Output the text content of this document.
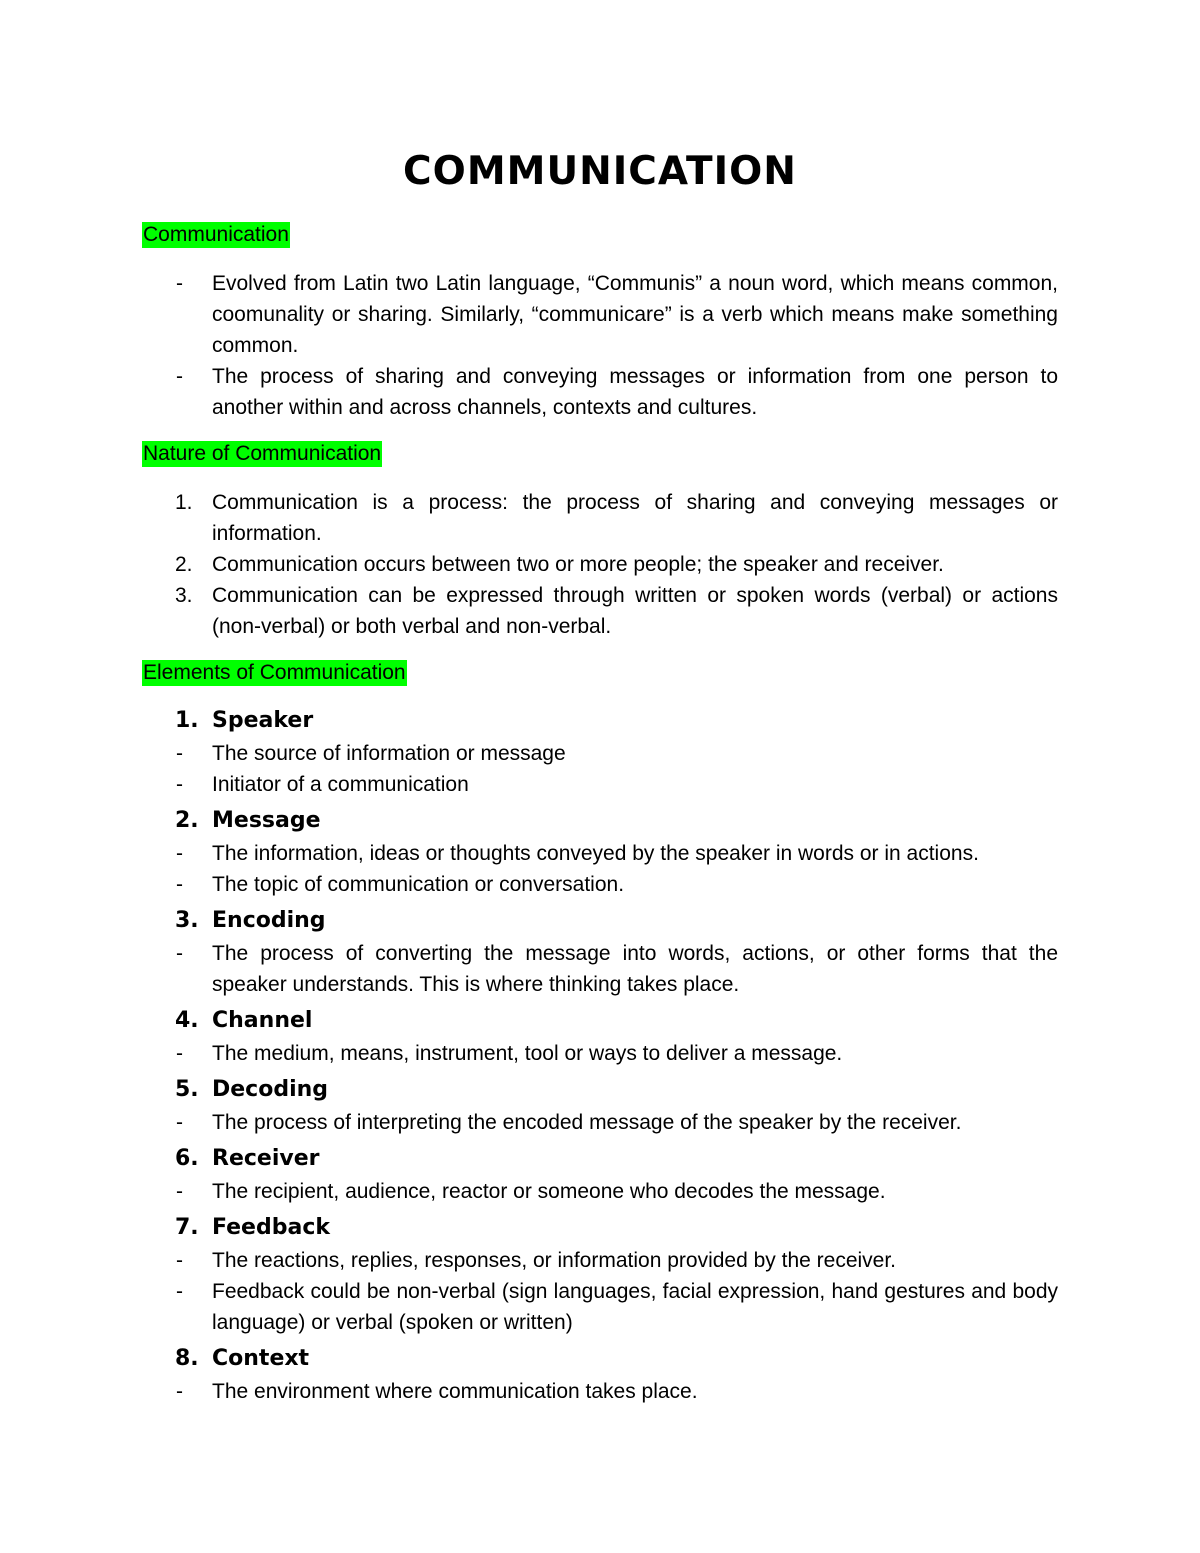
COMMUNICATION
Communication
- Evolved from Latin two Latin language, “Communis” a noun word, which means common, coomunality or sharing. Similarly, “communicare” is a verb which means make something common.
- The process of sharing and conveying messages or information from one person to another within and across channels, contexts and cultures.
Nature of Communication
1. Communication is a process: the process of sharing and conveying messages or information.
2. Communication occurs between two or more people; the speaker and receiver.
3. Communication can be expressed through written or spoken words (verbal) or actions (non-verbal) or both verbal and non-verbal.
Elements of Communication
1. Speaker
- The source of information or message
- Initiator of a communication
2. Message
- The information, ideas or thoughts conveyed by the speaker in words or in actions.
- The topic of communication or conversation.
3. Encoding
- The process of converting the message into words, actions, or other forms that the speaker understands. This is where thinking takes place.
4. Channel
- The medium, means, instrument, tool or ways to deliver a message.
5. Decoding
- The process of interpreting the encoded message of the speaker by the receiver.
6. Receiver
- The recipient, audience, reactor or someone who decodes the message.
7. Feedback
- The reactions, replies, responses, or information provided by the receiver.
- Feedback could be non-verbal (sign languages, facial expression, hand gestures and body language) or verbal (spoken or written)
8. Context
- The environment where communication takes place.
